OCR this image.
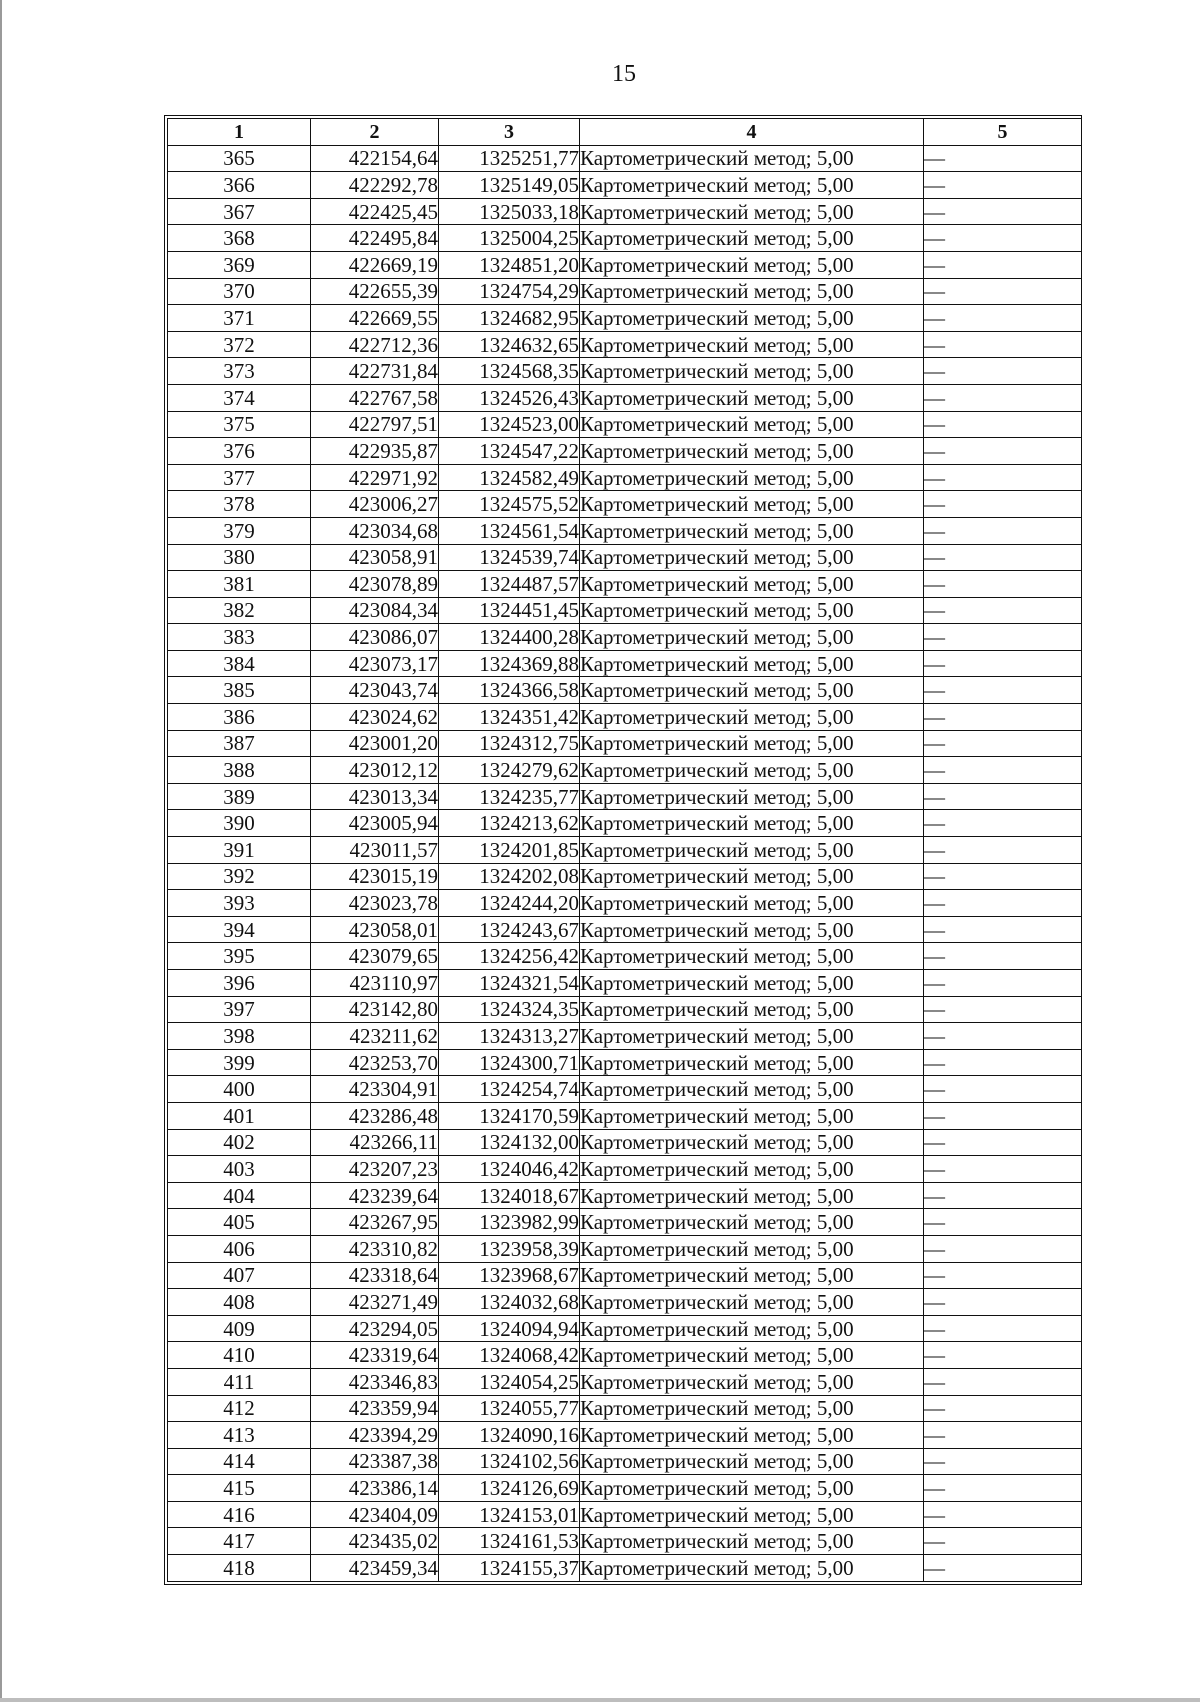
15
1	2	3	4	5
365	422154,64	1325251,77	Картометрический метод; 5,00	—
366	422292,78	1325149,05	Картометрический метод; 5,00	—
367	422425,45	1325033,18	Картометрический метод; 5,00	—
368	422495,84	1325004,25	Картометрический метод; 5,00	—
369	422669,19	1324851,20	Картометрический метод; 5,00	—
370	422655,39	1324754,29	Картометрический метод; 5,00	—
371	422669,55	1324682,95	Картометрический метод; 5,00	—
372	422712,36	1324632,65	Картометрический метод; 5,00	—
373	422731,84	1324568,35	Картометрический метод; 5,00	—
374	422767,58	1324526,43	Картометрический метод; 5,00	—
375	422797,51	1324523,00	Картометрический метод; 5,00	—
376	422935,87	1324547,22	Картометрический метод; 5,00	—
377	422971,92	1324582,49	Картометрический метод; 5,00	—
378	423006,27	1324575,52	Картометрический метод; 5,00	—
379	423034,68	1324561,54	Картометрический метод; 5,00	—
380	423058,91	1324539,74	Картометрический метод; 5,00	—
381	423078,89	1324487,57	Картометрический метод; 5,00	—
382	423084,34	1324451,45	Картометрический метод; 5,00	—
383	423086,07	1324400,28	Картометрический метод; 5,00	—
384	423073,17	1324369,88	Картометрический метод; 5,00	—
385	423043,74	1324366,58	Картометрический метод; 5,00	—
386	423024,62	1324351,42	Картометрический метод; 5,00	—
387	423001,20	1324312,75	Картометрический метод; 5,00	—
388	423012,12	1324279,62	Картометрический метод; 5,00	—
389	423013,34	1324235,77	Картометрический метод; 5,00	—
390	423005,94	1324213,62	Картометрический метод; 5,00	—
391	423011,57	1324201,85	Картометрический метод; 5,00	—
392	423015,19	1324202,08	Картометрический метод; 5,00	—
393	423023,78	1324244,20	Картометрический метод; 5,00	—
394	423058,01	1324243,67	Картометрический метод; 5,00	—
395	423079,65	1324256,42	Картометрический метод; 5,00	—
396	423110,97	1324321,54	Картометрический метод; 5,00	—
397	423142,80	1324324,35	Картометрический метод; 5,00	—
398	423211,62	1324313,27	Картометрический метод; 5,00	—
399	423253,70	1324300,71	Картометрический метод; 5,00	—
400	423304,91	1324254,74	Картометрический метод; 5,00	—
401	423286,48	1324170,59	Картометрический метод; 5,00	—
402	423266,11	1324132,00	Картометрический метод; 5,00	—
403	423207,23	1324046,42	Картометрический метод; 5,00	—
404	423239,64	1324018,67	Картометрический метод; 5,00	—
405	423267,95	1323982,99	Картометрический метод; 5,00	—
406	423310,82	1323958,39	Картометрический метод; 5,00	—
407	423318,64	1323968,67	Картометрический метод; 5,00	—
408	423271,49	1324032,68	Картометрический метод; 5,00	—
409	423294,05	1324094,94	Картометрический метод; 5,00	—
410	423319,64	1324068,42	Картометрический метод; 5,00	—
411	423346,83	1324054,25	Картометрический метод; 5,00	—
412	423359,94	1324055,77	Картометрический метод; 5,00	—
413	423394,29	1324090,16	Картометрический метод; 5,00	—
414	423387,38	1324102,56	Картометрический метод; 5,00	—
415	423386,14	1324126,69	Картометрический метод; 5,00	—
416	423404,09	1324153,01	Картометрический метод; 5,00	—
417	423435,02	1324161,53	Картометрический метод; 5,00	—
418	423459,34	1324155,37	Картометрический метод; 5,00	—
